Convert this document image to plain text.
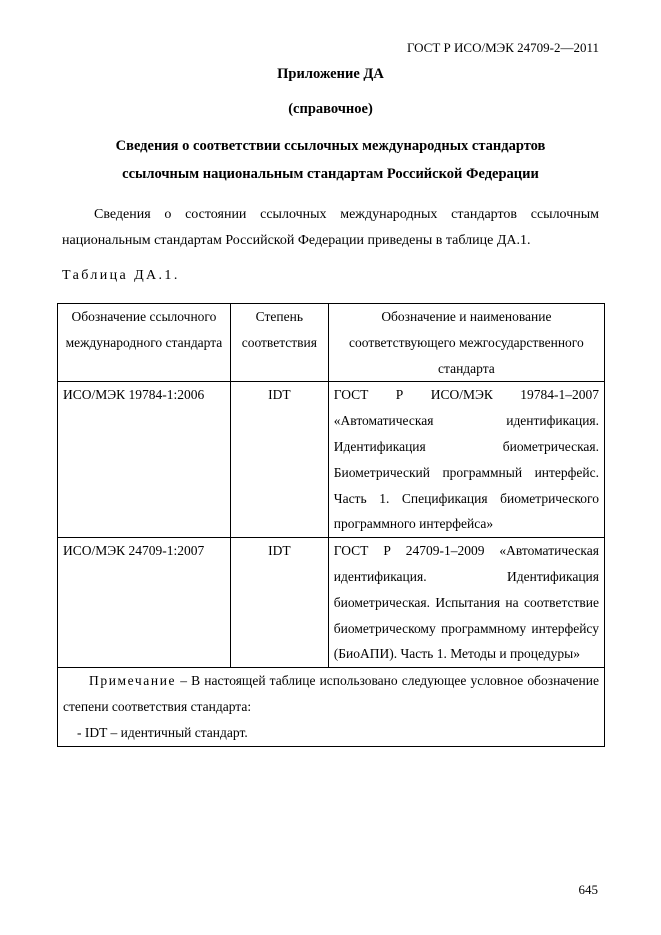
ГОСТ Р ИСО/МЭК 24709-2—2011
Приложение ДА
(справочное)
Сведения о соответствии ссылочных международных стандартов
ссылочным национальным стандартам Российской Федерации
Сведения о состоянии ссылочных международных стандартов ссылочным национальным стандартам Российской Федерации приведены в таблице ДА.1.
Таблица ДА.1.
Обозначение ссылочного международного стандарта	Степень соответствия	Обозначение и наименование соответствующего межгосударственного стандарта
ИСО/МЭК 19784-1:2006	IDT	ГОСТ Р ИСО/МЭК 19784-1–2007 «Автоматическая идентификация. Идентификация биометрическая. Биометрический программный интерфейс. Часть 1. Спецификация биометрического программного интерфейса»
ИСО/МЭК 24709-1:2007	IDT	ГОСТ Р 24709-1–2009 «Автоматическая идентификация. Идентификация биометрическая. Испытания на соответствие биометрическому программному интерфейсу (БиоАПИ). Часть 1. Методы и процедуры»

Примечание – В настоящей таблице использовано следующее условное обозначение степени соответствия стандарта:
- IDT – идентичный стандарт.		
645
